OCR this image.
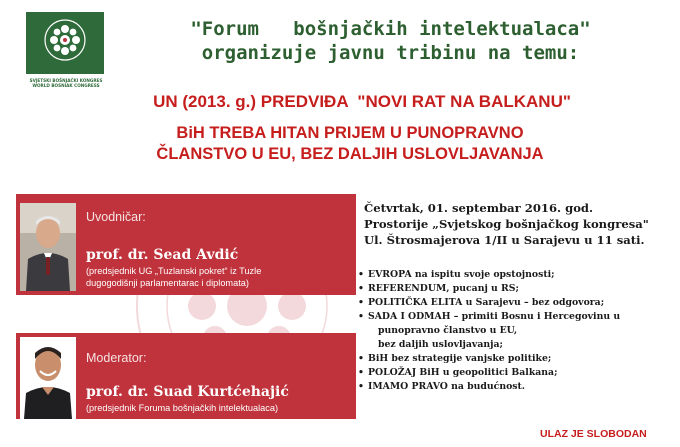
SVJETSKI BOŠNJAČKI KONGRES
WORLD BOSNIAK CONGRESS
"Forum   bošnjačkih intelektualaca"
organizuje javnu tribinu na temu:
UN (2013. g.) PREDVIĐA  "NOVI RAT NA BALKANU"
BiH TREBA HITAN PRIJEM U PUNOPRAVNO
ČLANSTVO U EU, BEZ DALJIH USLOVLJAVANJA
Uvodničar:
prof. dr. Sead Avdić
(predsjednik UG „Tuzlanski pokret“ iz Tuzle
dugogodišnji parlamentarac i diplomata)
Moderator:
prof. dr. Suad Kurtćehajić
(predsjednik Foruma bošnjačkih intelektualaca)
Četvrtak, 01. septembar 2016. god.
Prostorije „Svjetskog bošnjačkog kongresa"
Ul. Štrosmajerova 1/II u Sarajevu u 11 sati.
• EVROPA na ispitu svoje opstojnosti;
• REFERENDUM, pucanj u RS;
• POLITIČKA ELITA u Sarajevu – bez odgovora;
• SADA I ODMAH – primiti Bosnu i Hercegovinu u
punopravno članstvo u EU,
bez daljih uslovljavanja;
• BiH bez strategije vanjske politike;
• POLOŽAJ BiH u geopolitici Balkana;
• IMAMO PRAVO na budućnost.
ULAZ JE SLOBODAN
